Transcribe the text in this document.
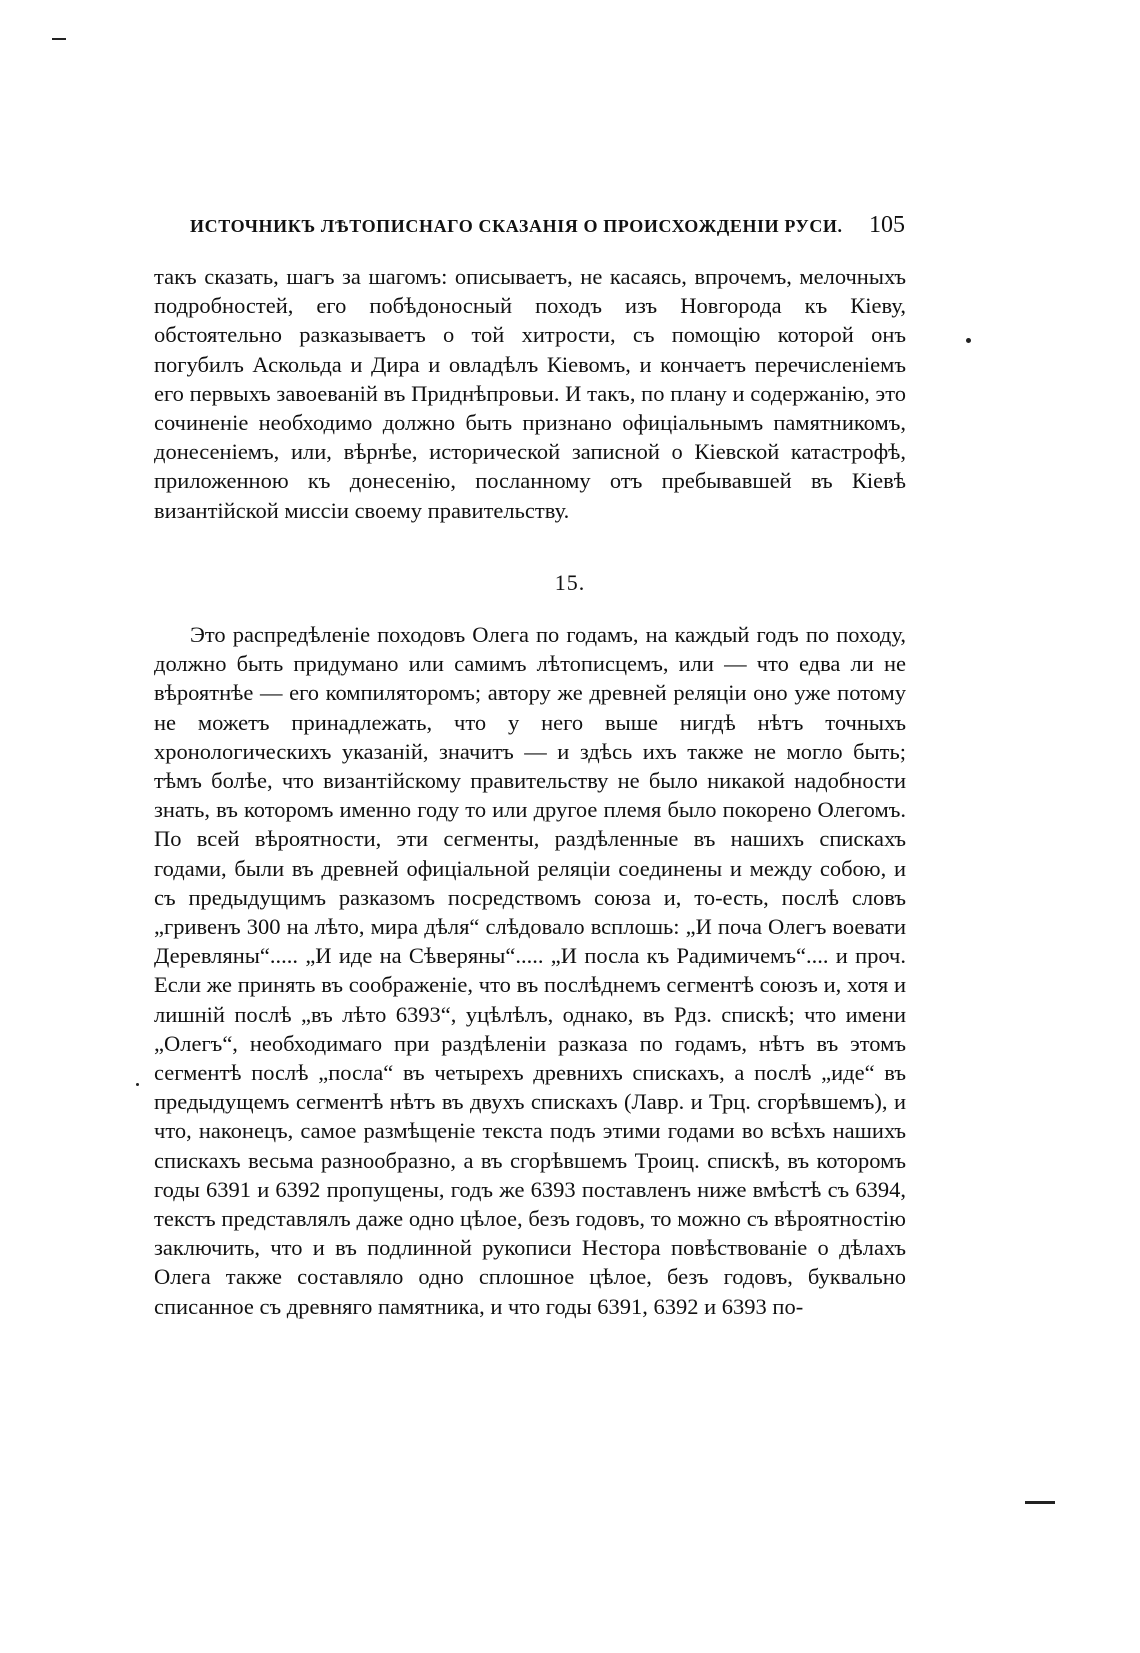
ИСТОЧНИКЪ ЛѢТОПИСНАГО СКАЗАНІЯ О ПРОИСХОЖДЕНІИ РУСИ. 105

такъ сказать, шагъ за шагомъ: описываетъ, не касаясь, впрочемъ, мелочныхъ подробностей, его побѣдоносный походъ изъ Новгорода къ Кіеву, обстоятельно разказываетъ о той хитрости, съ помощію которой онъ погубилъ Аскольда и Дира и овладѣлъ Кіевомъ, и кончаетъ перечисленіемъ его первыхъ завоеваній въ Приднѣпровьи. И такъ, по плану и содержанію, это сочиненіе необходимо должно быть признано офиціальнымъ памятникомъ, донесеніемъ, или, вѣрнѣе, исторической записной о Кіевской катастрофѣ, приложенною къ донесенію, посланному отъ пребывавшей въ Кіевѣ византійской миссіи своему правительству.

15.

Это распредѣленіе походовъ Олега по годамъ, на каждый годъ по походу, должно быть придумано или самимъ лѣтописцемъ, или — что едва ли не вѣроятнѣе — его компиляторомъ; автору же древней реляціи оно уже потому не можетъ принадлежать, что у него выше нигдѣ нѣтъ точныхъ хронологическихъ указаній, значитъ — и здѣсь ихъ также не могло быть; тѣмъ болѣе, что византійскому правительству не было никакой надобности знать, въ которомъ именно году то или другое племя было покорено Олегомъ. По всей вѣроятности, эти сегменты, раздѣленные въ нашихъ спискахъ годами, были въ древней офиціальной реляціи соединены и между собою, и съ предыдущимъ разказомъ посредствомъ союза и, то-есть, послѣ словъ „гривенъ 300 на лѣто, мира дѣля“ слѣдовало всплошь: „И поча Олегъ воевати Деревляны“..... „И иде на Сѣверяны“..... „И посла къ Радимичемъ“.... и проч. Если же принять въ соображеніе, что въ послѣднемъ сегментѣ союзъ и, хотя и лишній послѣ „въ лѣто 6393“, уцѣлѣлъ, однако, въ Рдз. спискѣ; что имени „Олегъ“, необходимаго при раздѣленіи разказа по годамъ, нѣтъ въ этомъ сегментѣ послѣ „посла“ въ четырехъ древнихъ спискахъ, а послѣ „иде“ въ предыдущемъ сегментѣ нѣтъ въ двухъ спискахъ (Лавр. и Трц. сгорѣвшемъ), и что, наконецъ, самое размѣщеніе текста подъ этими годами во всѣхъ нашихъ спискахъ весьма разнообразно, а въ сгорѣвшемъ Троиц. спискѣ, въ которомъ годы 6391 и 6392 пропущены, годъ же 6393 поставленъ ниже вмѣстѣ съ 6394, текстъ представлялъ даже одно цѣлое, безъ годовъ, то можно съ вѣроятностію заключить, что и въ подлинной рукописи Нестора повѣствованіе о дѣлахъ Олега также составляло одно сплошное цѣлое, безъ годовъ, буквально списанное съ древняго памятника, и что годы 6391, 6392 и 6393 по-
